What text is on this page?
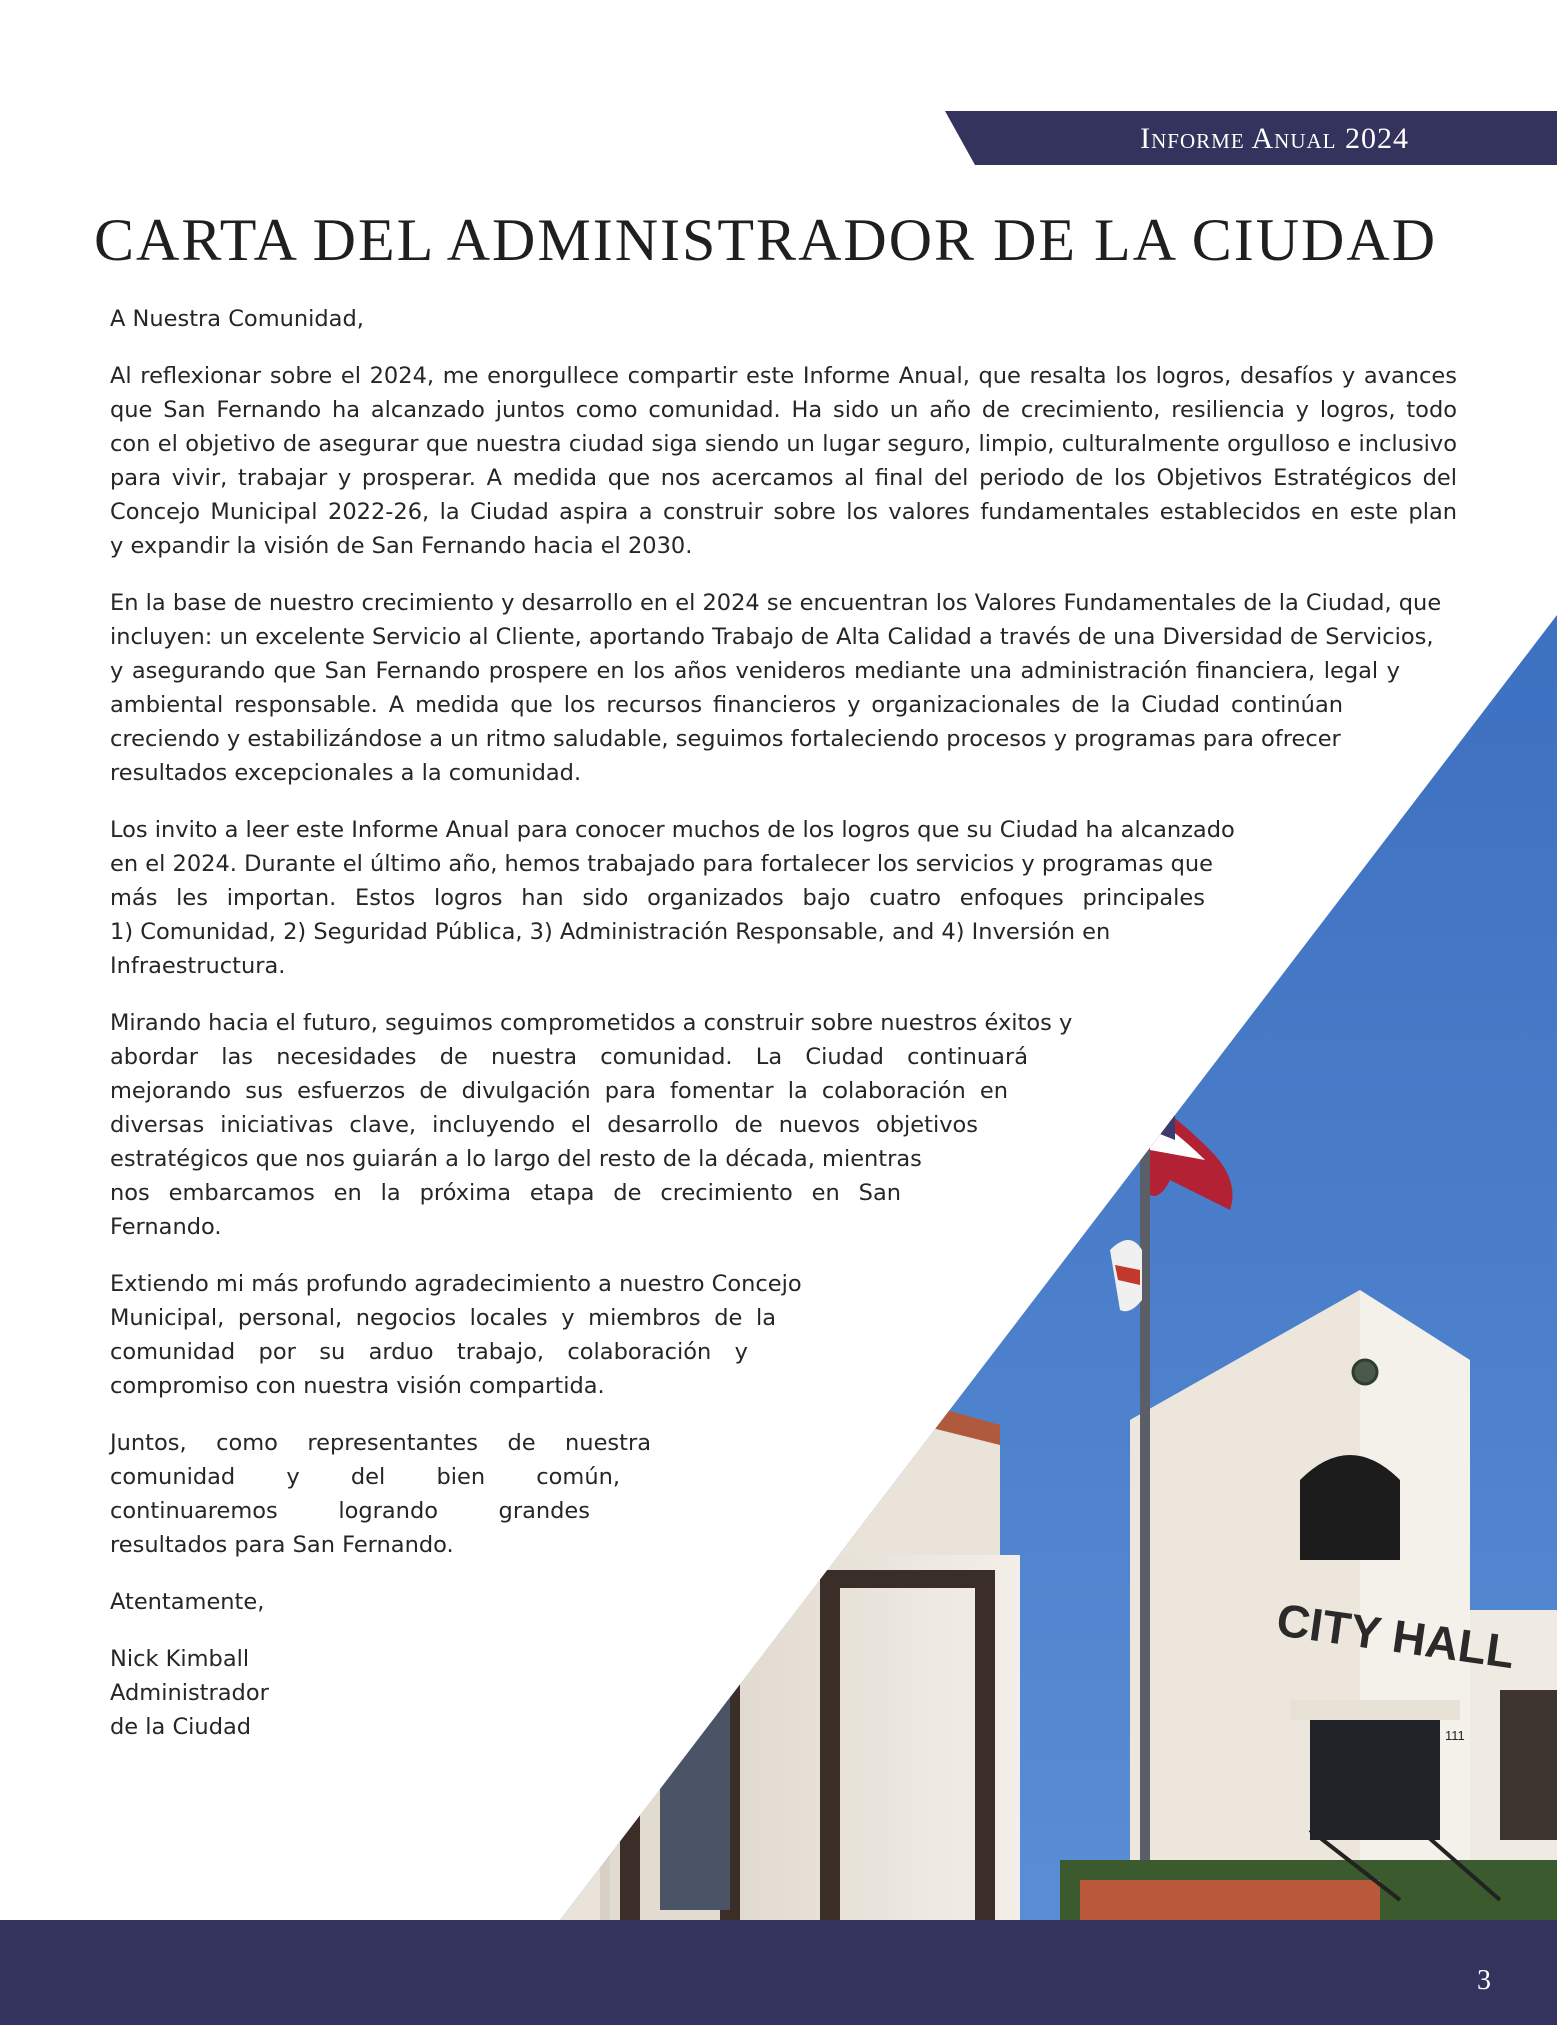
CITY HALL
111
Informe Anual 2024
CARTA DEL ADMINISTRADOR DE LA CIUDAD
A Nuestra Comunidad,
Al reflexionar sobre el 2024, me enorgullece compartir este Informe Anual, que resalta los logros, desafíos y avances
que San Fernando ha alcanzado juntos como comunidad. Ha sido un año de crecimiento, resiliencia y logros, todo
con el objetivo de asegurar que nuestra ciudad siga siendo un lugar seguro, limpio, culturalmente orgulloso e inclusivo
para vivir, trabajar y prosperar. A medida que nos acercamos al final del periodo de los Objetivos Estratégicos del
Concejo Municipal 2022-26, la Ciudad aspira a construir sobre los valores fundamentales establecidos en este plan
y expandir la visión de San Fernando hacia el 2030.
En la base de nuestro crecimiento y desarrollo en el 2024 se encuentran los Valores Fundamentales de la Ciudad, que
incluyen: un excelente Servicio al Cliente, aportando Trabajo de Alta Calidad a través de una Diversidad de Servicios,
y asegurando que San Fernando prospere en los años venideros mediante una administración financiera, legal y
ambiental responsable. A medida que los recursos financieros y organizacionales de la Ciudad continúan
creciendo y estabilizándose a un ritmo saludable, seguimos fortaleciendo procesos y programas para ofrecer
resultados excepcionales a la comunidad.
Los invito a leer este Informe Anual para conocer muchos de los logros que su Ciudad ha alcanzado
en el 2024. Durante el último año, hemos trabajado para fortalecer los servicios y programas que
más les importan. Estos logros han sido organizados bajo cuatro enfoques principales
1) Comunidad, 2) Seguridad Pública, 3) Administración Responsable, and 4) Inversión en
Infraestructura.
Mirando hacia el futuro, seguimos comprometidos a construir sobre nuestros éxitos y
abordar las necesidades de nuestra comunidad. La Ciudad continuará
mejorando sus esfuerzos de divulgación para fomentar la colaboración en
diversas iniciativas clave, incluyendo el desarrollo de nuevos objetivos
estratégicos que nos guiarán a lo largo del resto de la década, mientras
nos embarcamos en la próxima etapa de crecimiento en San
Fernando.
Extiendo mi más profundo agradecimiento a nuestro Concejo
Municipal, personal, negocios locales y miembros de la
comunidad por su arduo trabajo, colaboración y
compromiso con nuestra visión compartida.
Juntos, como representantes de nuestra
comunidad y del bien común,
continuaremos logrando grandes
resultados para San Fernando.
Atentamente,
Nick Kimball
Administrador
de la Ciudad
3
